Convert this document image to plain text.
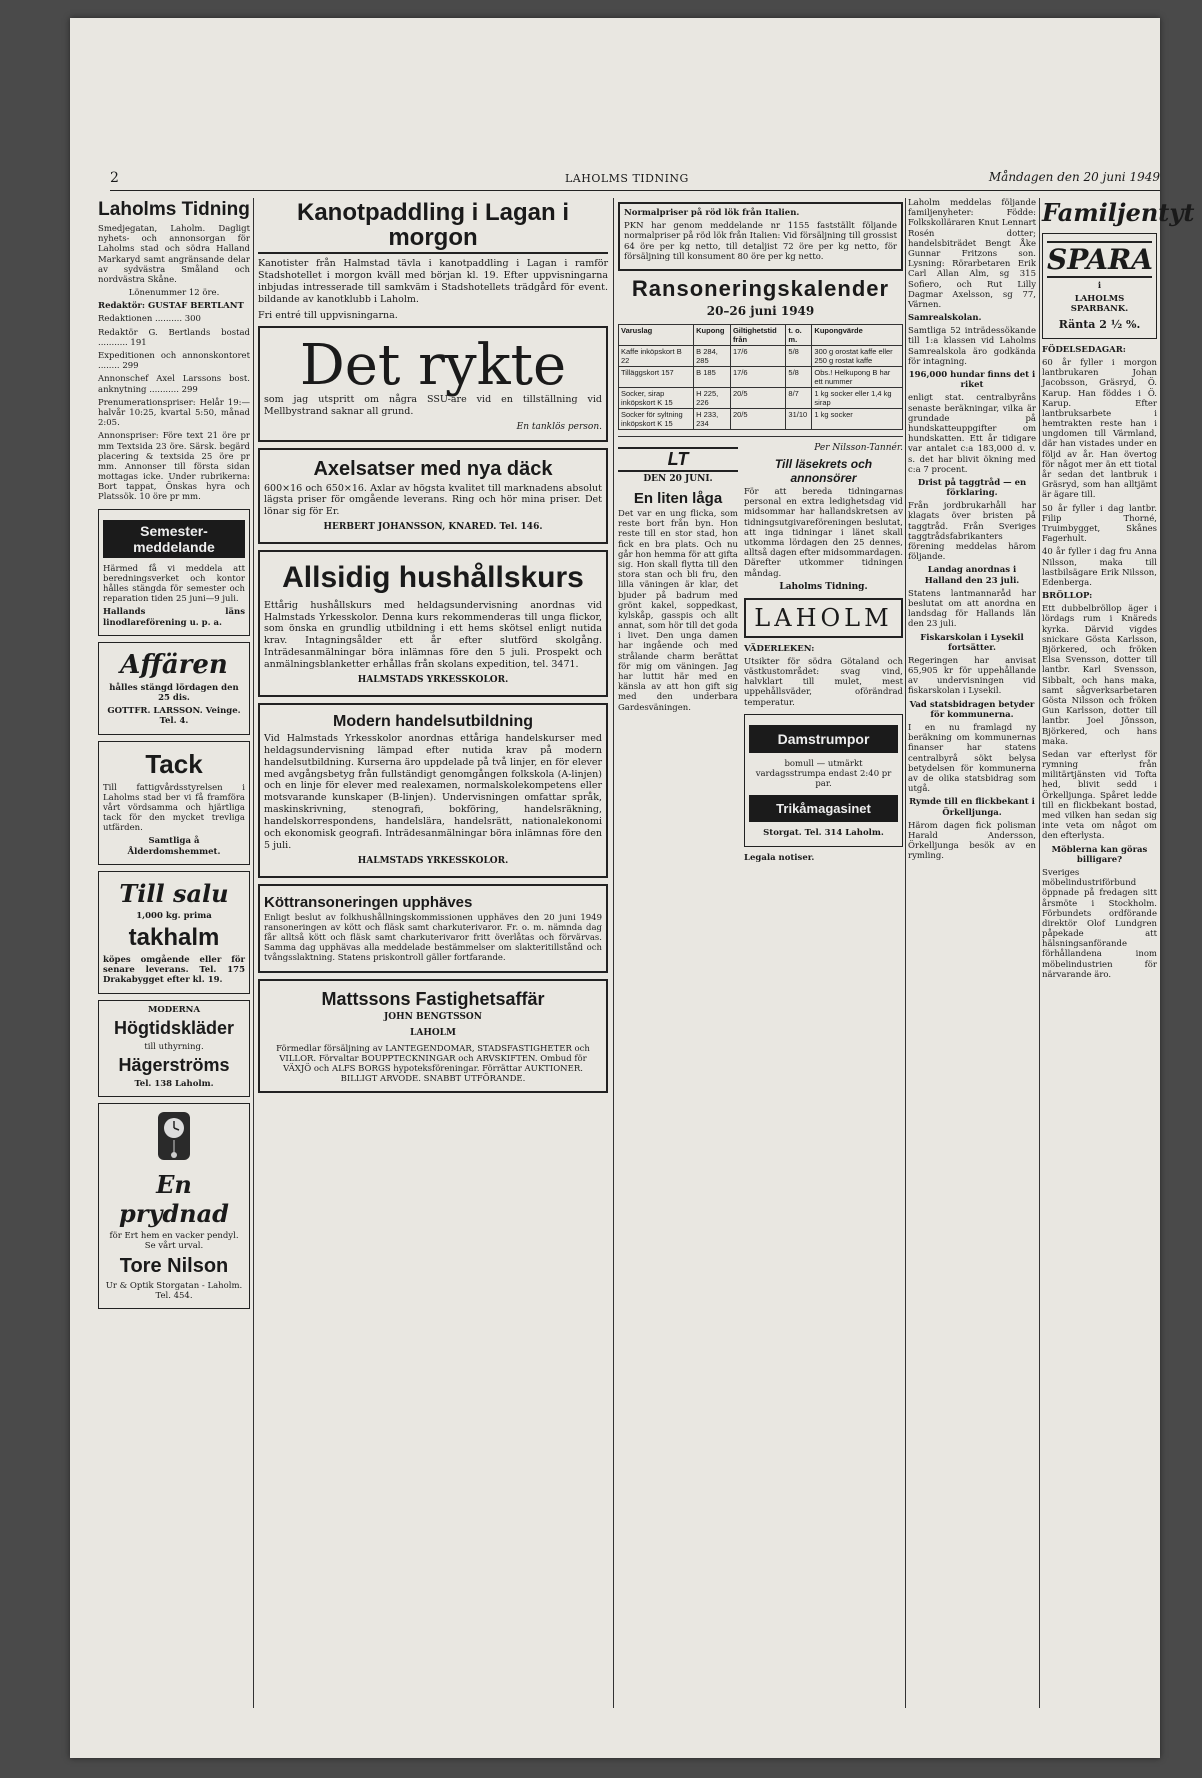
2	LAHOLMS TIDNING	Måndagen den 20 juni 1949
Laholms Tidning

Smedjegatan, Laholm. Dagligt nyhets- och annonsorgan för Laholms stad och södra Halland Markaryd samt angränsande delar av sydvästra Småland och nordvästra Skåne.

Lönenummer 12 öre.

Redaktör: GUSTAF BERTLANT

Redaktionen .......... 300

Redaktör G. Bertlands bostad ........... 191

Expeditionen och annonskontoret ........ 299

Annonschef Axel Larssons bost. anknytning ........... 299

Prenumerationspriser: Helår 19:— halvår 10:25, kvartal 5:50, månad 2:05.

Annonspriser: Före text 21 öre pr mm Textsida 23 öre. Särsk. begärd placering & textsida 25 öre pr mm. Annonser till första sidan mottagas icke. Under rubrikerna: Bort tappat, Önskas hyra och Platssök. 10 öre pr mm.

Semester-meddelande

Härmed få vi meddela att beredningsverket och kontor hålles stängda för semester och reparation tiden 25 juni—9 juli.

Hallands läns linodlareförening u. p. a.

Affären

hålles stängd lördagen den 25 dis.

GOTTFR. LARSSON. Veinge. Tel. 4.

Tack

Till fattigvårdsstyrelsen i Laholms stad ber vi få framföra vårt vördsamma och hjärtliga tack för den mycket trevliga utfärden.

Samtliga å Ålderdomshemmet.

Till salu

1,000 kg. prima

takhalm

köpes omgående eller för senare leverans. Tel. 175 Drakabygget efter kl. 19.

MODERNA
Högtidskläder
till uthyrning.
Hägerströms
Tel. 138 Laholm.
En prydnad

för Ert hem en vacker pendyl. Se vårt urval.

Tore Nilson

Ur & Optik Storgatan - Laholm. Tel. 454.

Kanotpaddling i Lagan i morgon

Kanotister från Halmstad tävla i kanotpaddling i Lagan i ramför Stadshotellet i morgon kväll med början kl. 19. Efter uppvisningarna inbjudas intresserade till samkväm i Stadshotellets trädgård för event. bildande av kanotklubb i Laholm.

Fri entré till uppvisningarna.

Det rykte

som jag utspritt om några SSU-are vid en tillställning vid Mellbystrand saknar all grund.

En tanklös person.

Axelsatser med nya däck

600×16 och 650×16. Axlar av högsta kvalitet till marknadens absolut lägsta priser för omgående leverans. Ring och hör mina priser. Det lönar sig för Er.

HERBERT JOHANSSON, KNARED. Tel. 146.

Allsidig hushållskurs

Ettårig hushållskurs med heldagsundervisning anordnas vid Halmstads Yrkesskolor. Denna kurs rekommenderas till unga flickor, som önska en grundlig utbildning i ett hems skötsel enligt nutida krav. Intagningsålder ett år efter slutförd skolgång. Inträdesanmälningar böra inlämnas före den 5 juli. Prospekt och anmälningsblanketter erhållas från skolans expedition, tel. 3471.

HALMSTADS YRKESSKOLOR.

Modern handelsutbildning

Vid Halmstads Yrkesskolor anordnas ettåriga handelskurser med heldagsundervisning lämpad efter nutida krav på modern handelsutbildning. Kurserna äro uppdelade på två linjer, en för elever med avgångsbetyg från fullständigt genomgången folkskola (A-linjen) och en linje för elever med realexamen, normalskolekompetens eller motsvarande kunskaper (B-linjen). Undervisningen omfattar språk, maskinskrivning, stenografi, bokföring, handelsräkning, handelskorrespondens, handelslära, handelsrätt, nationalekonomi och ekonomisk geografi. Inträdesanmälningar böra inlämnas före den 5 juli.

HALMSTADS YRKESSKOLOR.

Köttransoneringen upphäves

Enligt beslut av folkhushållningskommissionen upphäves den 20 juni 1949 ransoneringen av kött och fläsk samt charkuterivaror. Fr. o. m. nämnda dag får alltså kött och fläsk samt charkuterivaror fritt överlåtas och förvärvas. Samma dag upphävas alla meddelade bestämmelser om slakteritillstånd och tvångsslaktning. Statens priskontroll gäller fortfarande.

Mattssons Fastighetsaffär
JOHN BENGTSSON
LAHOLM

Förmedlar försäljning av LANTEGENDOMAR, STADSFASTIGHETER och VILLOR. Förvaltar BOUPPTECKNINGAR och ARVSKIFTEN. Ombud för VÄXJÖ och ALFS BORGS hypoteksföreningar. Förrättar AUKTIONER. BILLIGT ARVODE. SNABBT UTFÖRANDE.

Normalpriser på röd lök från Italien.

PKN har genom meddelande nr 1155 fastställt följande normalpriser på röd lök från Italien: Vid försäljning till grossist 64 öre per kg netto, till detaljist 72 öre per kg netto, för försäljning till konsument 80 öre per kg netto.

Ransoneringskalender
20–26 juni 1949
Varuslag	Kupong	Giltighetstid från	t. o. m.	Kupongvärde
Kaffe inköpskort B 22	B 284, 285	17/6	5/8	300 g orostat kaffe eller 250 g rostat kaffe
Tilläggskort 157	B 185	17/6	5/8	Obs.! Helkupong B har ett nummer
Socker, sirap inköpskort K 15	H 225, 226	20/5	8/7	1 kg socker eller 1,4 kg sirap
Socker för syltning inköpskort K 15	H 233, 234	20/5	31/10	1 kg socker
LT
DEN 20 JUNI.
En liten låga

Det var en ung flicka, som reste bort från byn. Hon reste till en stor stad, hon fick en bra plats. Och nu går hon hemma för att gifta sig. Hon skall flytta till den stora stan och bli fru, den lilla väningen är klar, det bjuder på badrum med grönt kakel, soppedkast, kylskåp, gasspis och allt annat, som hör till det goda i livet. Den unga damen har ingående och med strålande charm berättat för mig om väningen. Jag har luttit här med en känsla av att hon gift sig med den underbara Gardesväningen.

Per Nilsson-Tannér.

Till läsekrets och annonsörer

För att bereda tidningarnas personal en extra ledighetsdag vid midsommar har hallandskretsen av tidningsutgivareföreningen beslutat, att inga tidningar i länet skall utkomma lördagen den 25 dennes, alltså dagen efter midsommardagen. Därefter utkommer tidningen måndag.

Laholms Tidning.

LAHOLM

VÄDERLEKEN:

Utsikter för södra Götaland och västkustområdet: svag vind, halvklart till mulet, mest uppehållsväder, oförändrad temperatur.

Damstrumpor

bomull — utmärkt vardagsstrumpa endast 2:40 pr par.

Trikåmagasinet

Storgat. Tel. 314 Laholm.

Legala notiser.

Laholm meddelas följande familjenyheter: Födde: Folkskolläraren Knut Lennart Rosén dotter; handelsbiträdet Bengt Åke Gunnar Fritzons son. Lysning: Rörarbetaren Erik Carl Allan Alm, sg 315 Sofiero, och Rut Lilly Dagmar Axelsson, sg 77, Värnen.

Samrealskolan.

Samtliga 52 inträdessökande till 1:a klassen vid Laholms Samrealskola äro godkända för intagning.

196,000 hundar finns det i riket

enligt stat. centralbyråns senaste beräkningar, vilka är grundade på hundskatteuppgifter om hundskatten. Ett år tidigare var antalet c:a 183,000 d. v. s. det har blivit ökning med c:a 7 procent.

Drist på taggtråd — en förklaring.

Från jordbrukarhåll har klagats över bristen på taggtråd. Från Sveriges taggtrådsfabrikanters förening meddelas härom följande.

Landag anordnas i Halland den 23 juli.

Statens lantmannaråd har beslutat om att anordna en landsdag för Hallands län den 23 juli.

Fiskarskolan i Lysekil fortsätter.

Regeringen har anvisat 65,905 kr för uppehållande av undervisningen vid fiskarskolan i Lysekil.

Vad statsbidragen betyder för kommunerna.

I en nu framlagd ny beräkning om kommunernas finanser har statens centralbyrå sökt belysa betydelsen för kommunerna av de olika statsbidrag som utgå.

Rymde till en flickbekant i Örkelljunga.

Härom dagen fick polisman Harald Andersson, Örkelljunga besök av en rymling.

Familjentyt
SPARA
i
LAHOLMS SPARBANK.
Ränta 2 ½ %.

FÖDELSEDAGAR:

60 år fyller i morgon lantbrukaren Johan Jacobsson, Gräsryd, Ö. Karup. Han föddes i Ö. Karup. Efter lantbruksarbete i hemtrakten reste han i ungdomen till Värmland, där han vistades under en följd av år. Han övertog för något mer än ett tiotal år sedan det lantbruk i Gräsryd, som han alltjämt är ägare till.

50 år fyller i dag lantbr. Filip Thorné, Truimbygget, Skånes Fagerhult.

40 år fyller i dag fru Anna Nilsson, maka till lastbilsägare Erik Nilsson, Edenberga.

BRÖLLOP:

Ett dubbelbröllop äger i lördags rum i Knäreds kyrka. Därvid vigdes snickare Gösta Karlsson, Björkered, och fröken Elsa Svensson, dotter till lantbr. Karl Svensson, Sibbalt, och hans maka, samt sågverksarbetaren Gösta Nilsson och fröken Gun Karlsson, dotter till lantbr. Joel Jönsson, Björkered, och hans maka.

Sedan var efterlyst för rymning från militärtjänsten vid Tofta hed, blivit sedd i Örkelljunga. Spåret ledde till en flickbekant bostad, med vilken han sedan sig inte veta om något om den efterlysta.

Möblerna kan göras billigare?

Sveriges möbelindustriförbund öppnade på fredagen sitt årsmöte i Stockholm. Förbundets ordförande direktör Olof Lundgren påpekade att hälsningsanförande förhållandena inom möbelindustrien för närvarande äro.
